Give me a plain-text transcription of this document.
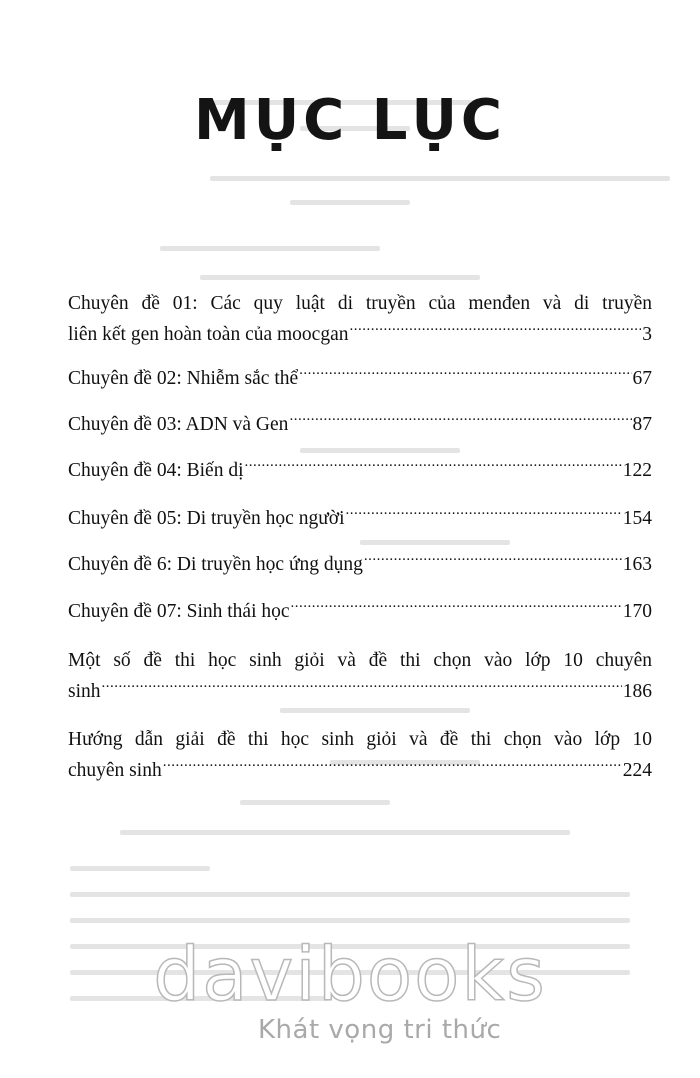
MỤC LỤC
Chuyên đề 01: Các quy luật di truyền của menđen và di truyền
liên kết gen hoàn toàn của moocgan .....	3
Chuyên đề 02: Nhiễm sắc thể .....	67
Chuyên đề 03: ADN và Gen .....	87
Chuyên đề 04: Biến dị .....	122
Chuyên đề 05: Di truyền học người .....	154
Chuyên đề 6: Di truyền học ứng dụng .....	163
Chuyên đề 07: Sinh thái học .....	170
Một số đề thi học sinh giỏi và đề thi chọn vào lớp 10 chuyên
sinh .....	186
Hướng dẫn giải đề thi học sinh giỏi và đề thi chọn vào lớp 10
chuyên sinh .....	224
davibooks
Khát vọng tri thức
